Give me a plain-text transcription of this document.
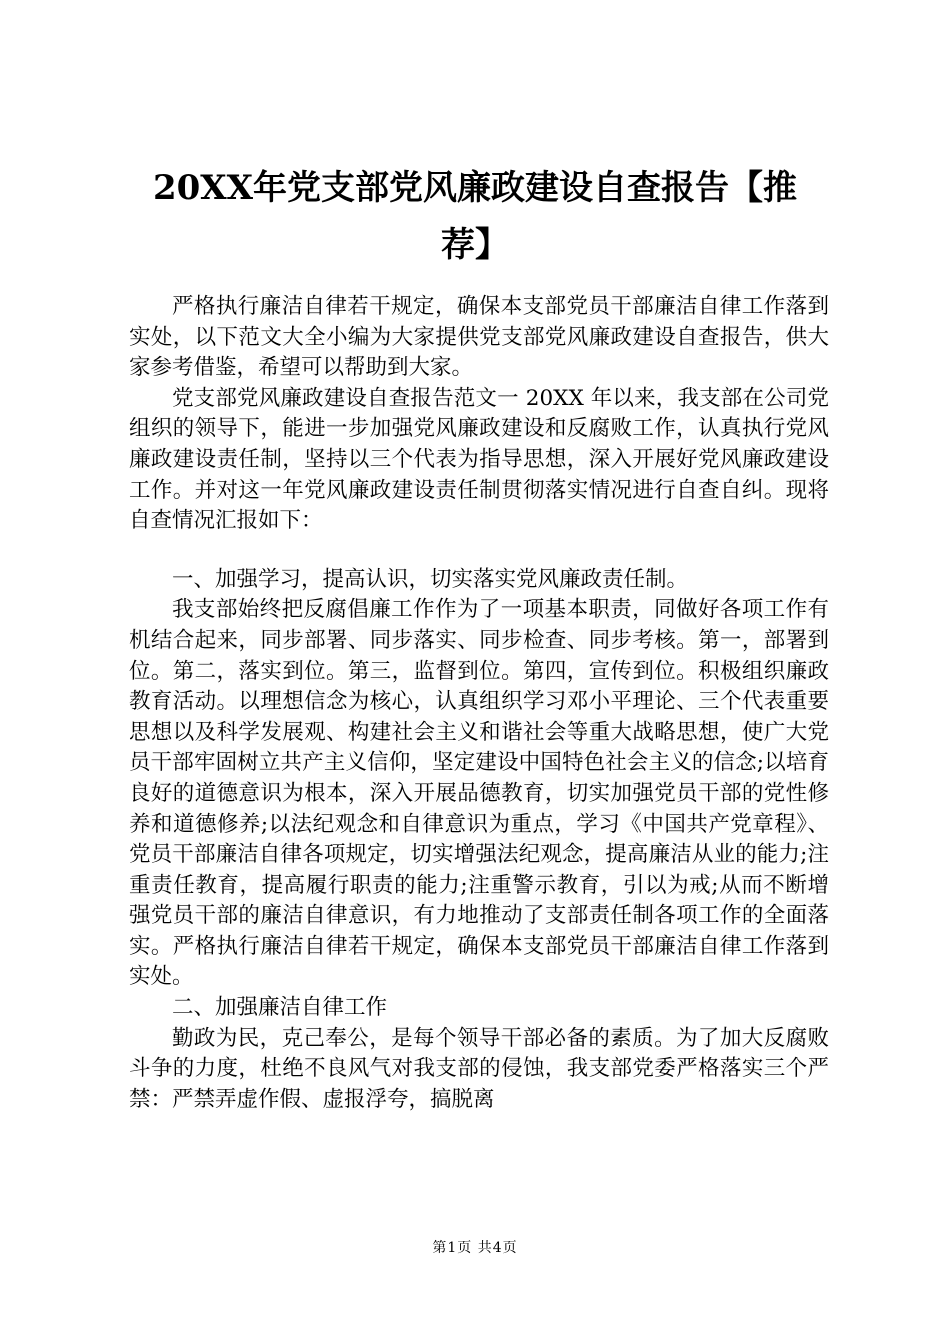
20XX年党支部党风廉政建设自查报告【推荐】

严格执行廉洁自律若干规定，确保本支部党员干部廉洁自律工作落到实处，以下范文大全小编为大家提供党支部党风廉政建设自查报告，供大家参考借鉴，希望可以帮助到大家。

党支部党风廉政建设自查报告范文一 20XX 年以来，我支部在公司党组织的领导下，能进一步加强党风廉政建设和反腐败工作，认真执行党风廉政建设责任制，坚持以三个代表为指导思想，深入开展好党风廉政建设工作。并对这一年党风廉政建设责任制贯彻落实情况进行自查自纠。现将自查情况汇报如下：

一、加强学习，提高认识，切实落实党风廉政责任制。

我支部始终把反腐倡廉工作作为了一项基本职责，同做好各项工作有机结合起来，同步部署、同步落实、同步检查、同步考核。第一，部署到位。第二，落实到位。第三，监督到位。第四，宣传到位。积极组织廉政教育活动。以理想信念为核心，认真组织学习邓小平理论、三个代表重要思想以及科学发展观、构建社会主义和谐社会等重大战略思想，使广大党员干部牢固树立共产主义信仰，坚定建设中国特色社会主义的信念;以培育良好的道德意识为根本，深入开展品德教育，切实加强党员干部的党性修养和道德修养;以法纪观念和自律意识为重点，学习《中国共产党章程》、党员干部廉洁自律各项规定，切实增强法纪观念，提高廉洁从业的能力;注重责任教育，提高履行职责的能力;注重警示教育，引以为戒;从而不断增强党员干部的廉洁自律意识，有力地推动了支部责任制各项工作的全面落实。严格执行廉洁自律若干规定，确保本支部党员干部廉洁自律工作落到实处。

二、加强廉洁自律工作

勤政为民，克己奉公，是每个领导干部必备的素质。为了加大反腐败斗争的力度，杜绝不良风气对我支部的侵蚀，我支部党委严格落实三个严禁：严禁弄虚作假、虚报浮夸，搞脱离

第1页 共4页
